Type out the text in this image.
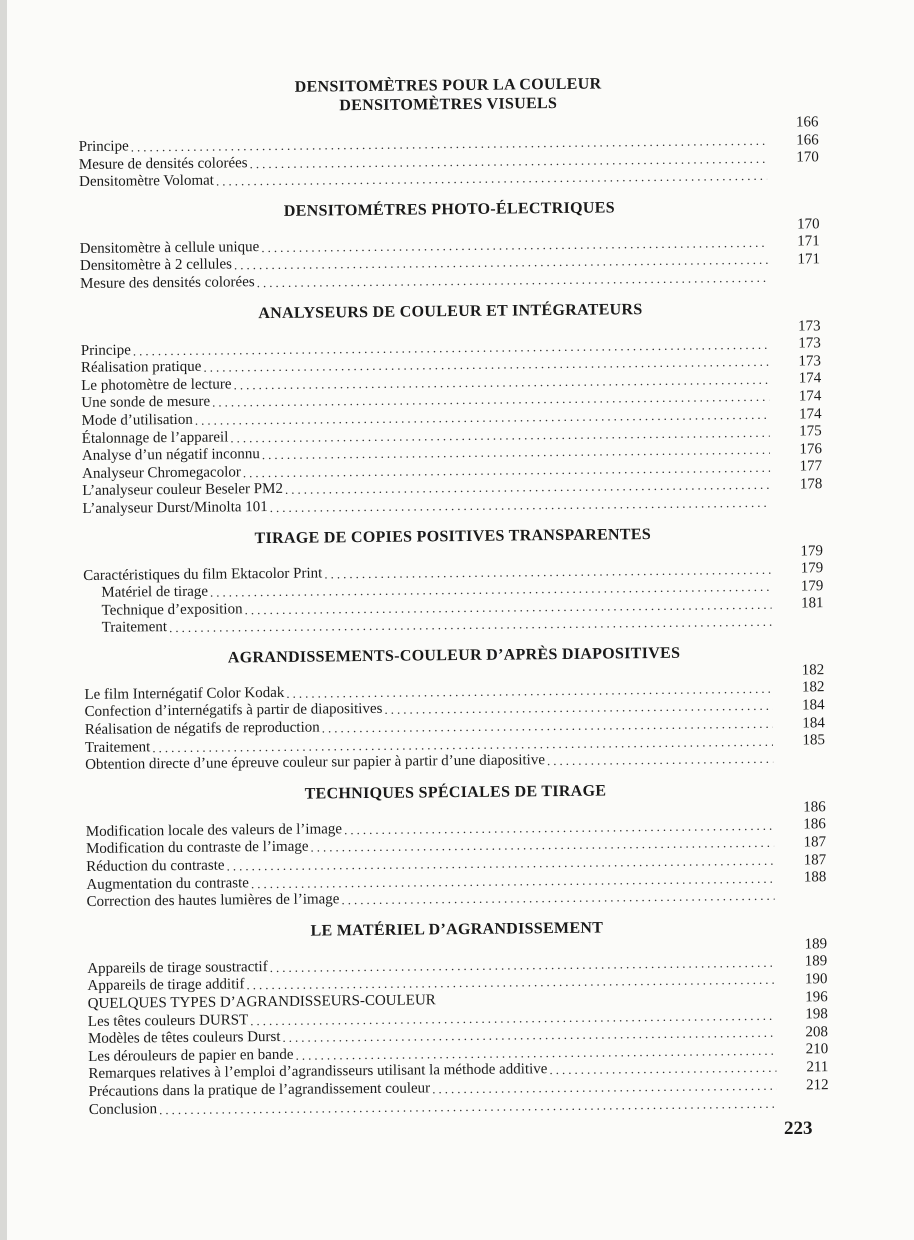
DENSITOMÈTRES POUR LA COULEUR
DENSITOMÈTRES VISUELS
166
166
170
Principe
.....
Mesure de densités colorées
.....
Densitomètre Volomat
.....
DENSITOMÉTRES PHOTO-ÉLECTRIQUES
170
171
171
Densitomètre à cellule unique
.....
Densitomètre à 2 cellules
.....
Mesure des densités colorées
.....
ANALYSEURS DE COULEUR ET INTÉGRATEURS
173
173
173
174
174
174
175
176
177
178
Principe
.....
Réalisation pratique
.....
Le photomètre de lecture
.....
Une sonde de mesure
.....
Mode d’utilisation
.....
Étalonnage de l’appareil
.....
Analyse d’un négatif inconnu
.....
Analyseur Chromegacolor
.....
L’analyseur couleur Beseler PM2
.....
L’analyseur Durst/Minolta 101
.....
TIRAGE DE COPIES POSITIVES TRANSPARENTES
179
179
179
181
Caractéristiques du film Ektacolor Print
.....
Matériel de tirage
.....
Technique d’exposition
.....
Traitement
.....
AGRANDISSEMENTS-COULEUR D’APRÈS DIAPOSITIVES
182
182
184
184
185
Le film Internégatif Color Kodak
.....
Confection d’internégatifs à partir de diapositives
.....
Réalisation de négatifs de reproduction
.....
Traitement
.....
Obtention directe d’une épreuve couleur sur papier à partir d’une diapositive
.....
TECHNIQUES SPÉCIALES DE TIRAGE
186
186
187
187
188
Modification locale des valeurs de l’image
.....
Modification du contraste de l’image
.....
Réduction du contraste
.....
Augmentation du contraste
.....
Correction des hautes lumières de l’image
.....
LE MATÉRIEL D’AGRANDISSEMENT
189
189
190
196
198
208
210
211
212
Appareils de tirage soustractif
.....
Appareils de tirage additif
.....
QUELQUES TYPES D’AGRANDISSEURS-COULEUR
Les têtes couleurs DURST
.....
Modèles de têtes couleurs Durst
.....
Les dérouleurs de papier en bande
.....
Remarques relatives à l’emploi d’agrandisseurs utilisant la méthode additive
.....
Précautions dans la pratique de l’agrandissement couleur
.....
Conclusion
.....
223
